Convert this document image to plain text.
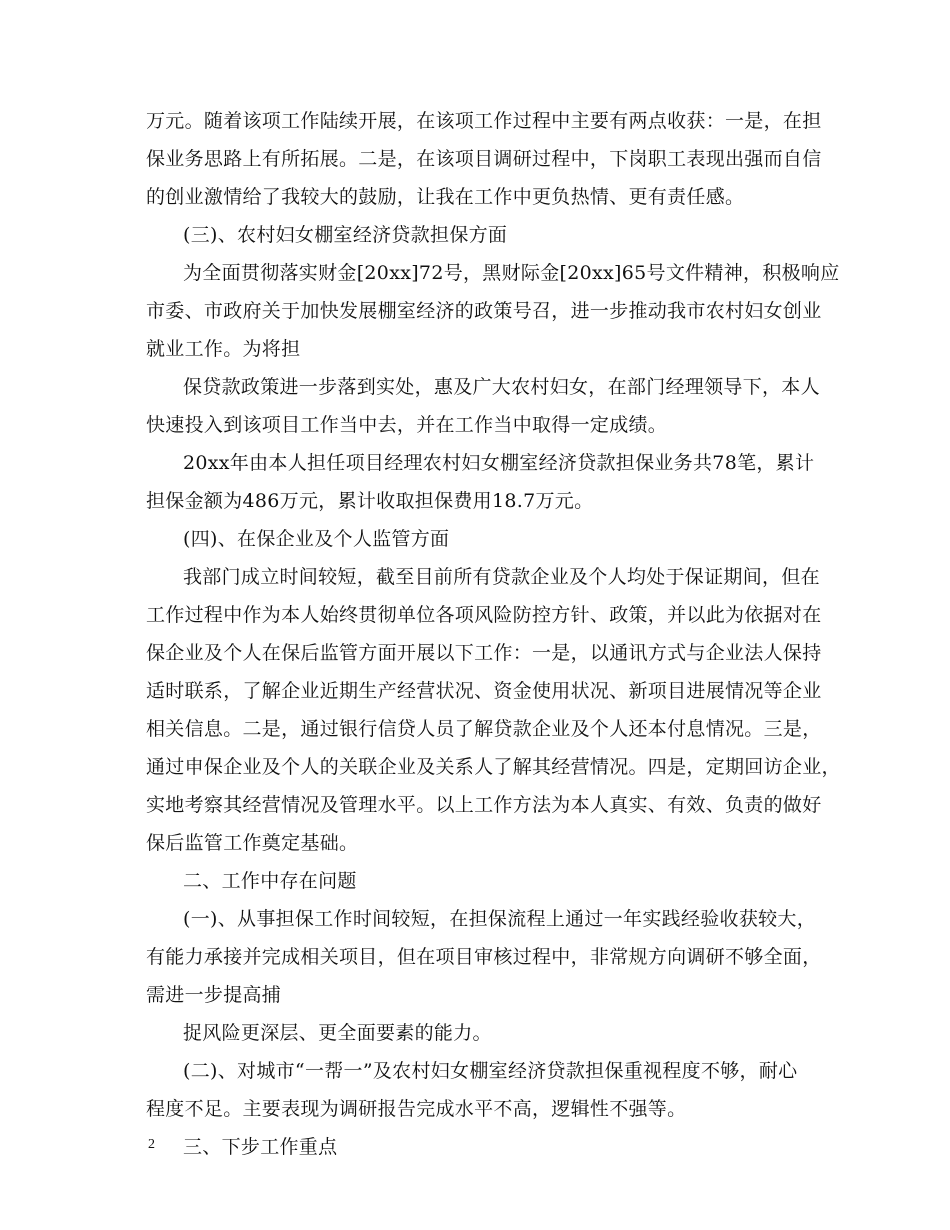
万元。随着该项工作陆续开展，在该项工作过程中主要有两点收获：一是，在担
保业务思路上有所拓展。二是，在该项目调研过程中，下岗职工表现出强而自信
的创业激情给了我较大的鼓励，让我在工作中更负热情、更有责任感。
(三)、农村妇女棚室经济贷款担保方面
为全面贯彻落实财金[20xx]72号，黑财际金[20xx]65号文件精神，积极响应
市委、市政府关于加快发展棚室经济的政策号召，进一步推动我市农村妇女创业
就业工作。为将担
保贷款政策进一步落到实处，惠及广大农村妇女，在部门经理领导下，本人
快速投入到该项目工作当中去，并在工作当中取得一定成绩。
20xx年由本人担任项目经理农村妇女棚室经济贷款担保业务共78笔，累计
担保金额为486万元，累计收取担保费用18.7万元。
(四)、在保企业及个人监管方面
我部门成立时间较短，截至目前所有贷款企业及个人均处于保证期间，但在
工作过程中作为本人始终贯彻单位各项风险防控方针、政策，并以此为依据对在
保企业及个人在保后监管方面开展以下工作：一是，以通讯方式与企业法人保持
适时联系，了解企业近期生产经营状况、资金使用状况、新项目进展情况等企业
相关信息。二是，通过银行信贷人员了解贷款企业及个人还本付息情况。三是，
通过申保企业及个人的关联企业及关系人了解其经营情况。四是，定期回访企业，
实地考察其经营情况及管理水平。以上工作方法为本人真实、有效、负责的做好
保后监管工作奠定基础。
二、工作中存在问题
(一)、从事担保工作时间较短，在担保流程上通过一年实践经验收获较大，
有能力承接并完成相关项目，但在项目审核过程中，非常规方向调研不够全面，
需进一步提高捕
捉风险更深层、更全面要素的能力。
(二)、对城市“一帮一”及农村妇女棚室经济贷款担保重视程度不够，耐心
程度不足。主要表现为调研报告完成水平不高，逻辑性不强等。
三、下步工作重点
2
